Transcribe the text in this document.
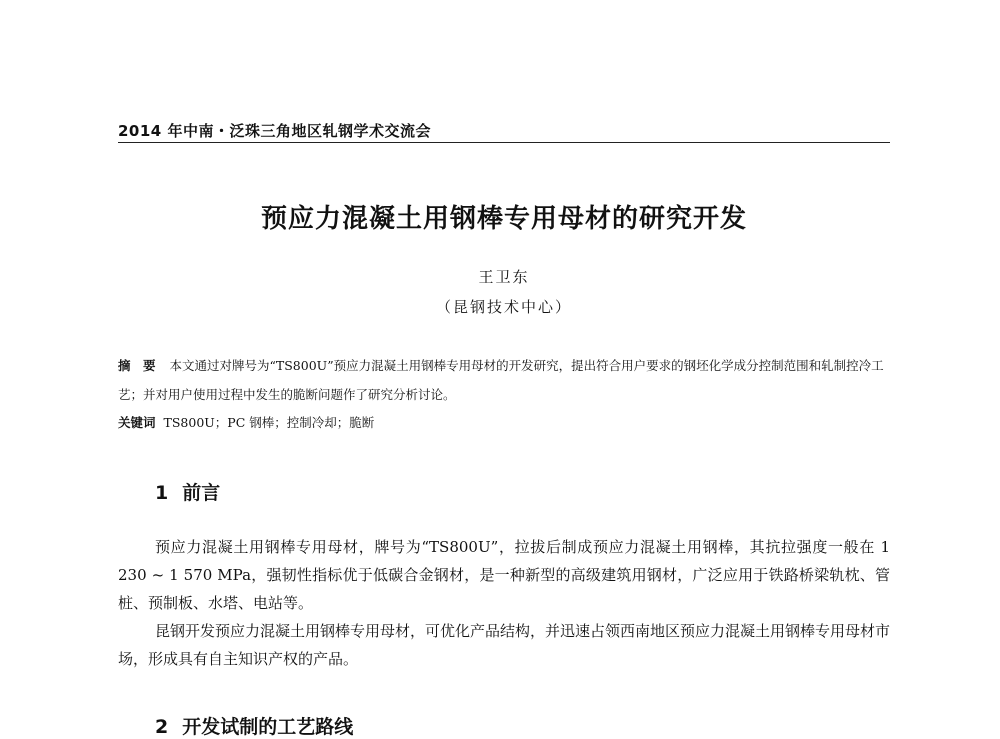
2014 年中南・泛珠三角地区轧钢学术交流会
预应力混凝土用钢棒专用母材的研究开发
王卫东
（昆钢技术中心）
摘　要 本文通过对牌号为“TS800U”预应力混凝土用钢棒专用母材的开发研究，提出符合用户要求的钢坯化学成分控制范围和轧制控冷工艺；并对用户使用过程中发生的脆断问题作了研究分析讨论。
关键词 TS800U；PC 钢棒；控制冷却；脆断
1 前言

预应力混凝土用钢棒专用母材，牌号为“TS800U”，拉拔后制成预应力混凝土用钢棒，其抗拉强度一般在 1 230 ~ 1 570 MPa，强韧性指标优于低碳合金钢材，是一种新型的高级建筑用钢材，广泛应用于铁路桥梁轨枕、管桩、预制板、水塔、电站等。

昆钢开发预应力混凝土用钢棒专用母材，可优化产品结构，并迅速占领西南地区预应力混凝土用钢棒专用母材市场，形成具有自主知识产权的产品。

2 开发试制的工艺路线
